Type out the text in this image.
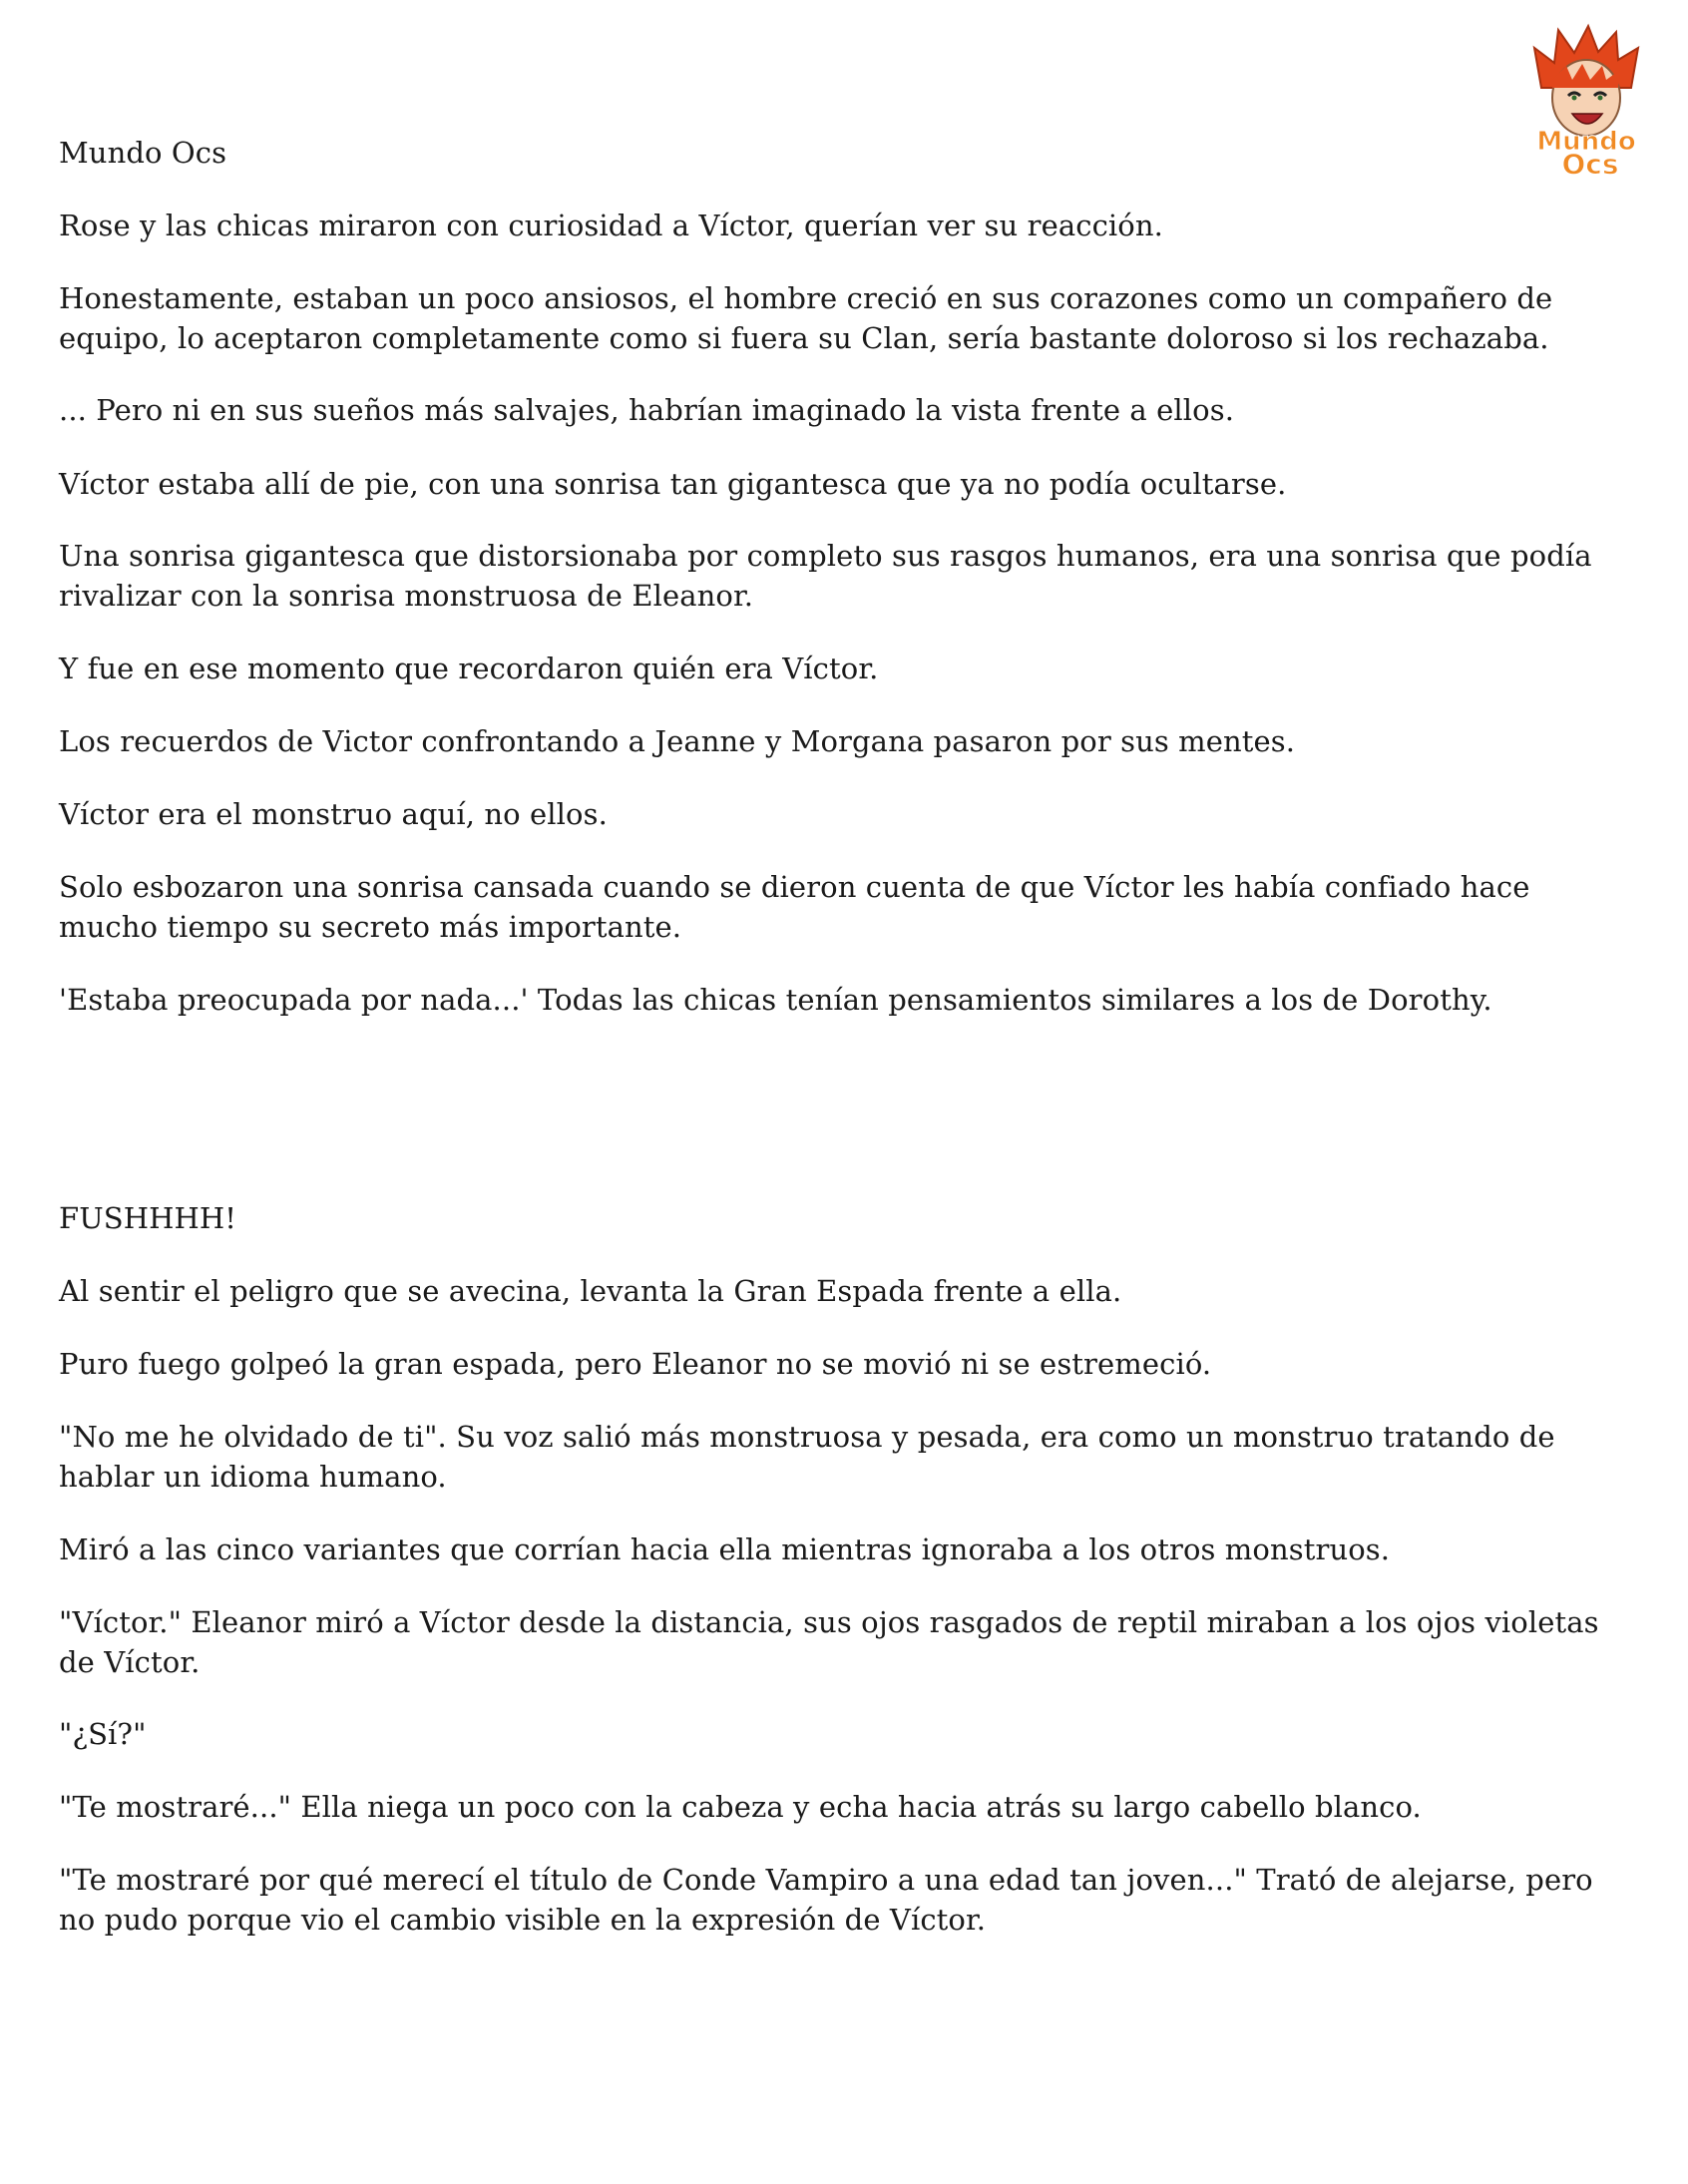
Mundo Ocs

Rose y las chicas miraron con curiosidad a Víctor, querían ver su reacción.

Honestamente, estaban un poco ansiosos, el hombre creció en sus corazones como un compañero de equipo, lo aceptaron completamente como si fuera su Clan, sería bastante doloroso si los rechazaba.

... Pero ni en sus sueños más salvajes, habrían imaginado la vista frente a ellos.

Víctor estaba allí de pie, con una sonrisa tan gigantesca que ya no podía ocultarse.

Una sonrisa gigantesca que distorsionaba por completo sus rasgos humanos, era una sonrisa que podía rivalizar con la sonrisa monstruosa de Eleanor.

Y fue en ese momento que recordaron quién era Víctor.

Los recuerdos de Victor confrontando a Jeanne y Morgana pasaron por sus mentes.

Víctor era el monstruo aquí, no ellos.

Solo esbozaron una sonrisa cansada cuando se dieron cuenta de que Víctor les había confiado hace mucho tiempo su secreto más importante.

'Estaba preocupada por nada...' Todas las chicas tenían pensamientos similares a los de Dorothy.

FUSHHHH!

Al sentir el peligro que se avecina, levanta la Gran Espada frente a ella.

Puro fuego golpeó la gran espada, pero Eleanor no se movió ni se estremeció.

"No me he olvidado de ti". Su voz salió más monstruosa y pesada, era como un monstruo tratando de hablar un idioma humano.

Miró a las cinco variantes que corrían hacia ella mientras ignoraba a los otros monstruos.

"Víctor." Eleanor miró a Víctor desde la distancia, sus ojos rasgados de reptil miraban a los ojos violetas de Víctor.

"¿Sí?"

"Te mostraré..." Ella niega un poco con la cabeza y echa hacia atrás su largo cabello blanco.

"Te mostraré por qué merecí el título de Conde Vampiro a una edad tan joven..." Trató de alejarse, pero no pudo porque vio el cambio visible en la expresión de Víctor.

Mundo
Ocs
